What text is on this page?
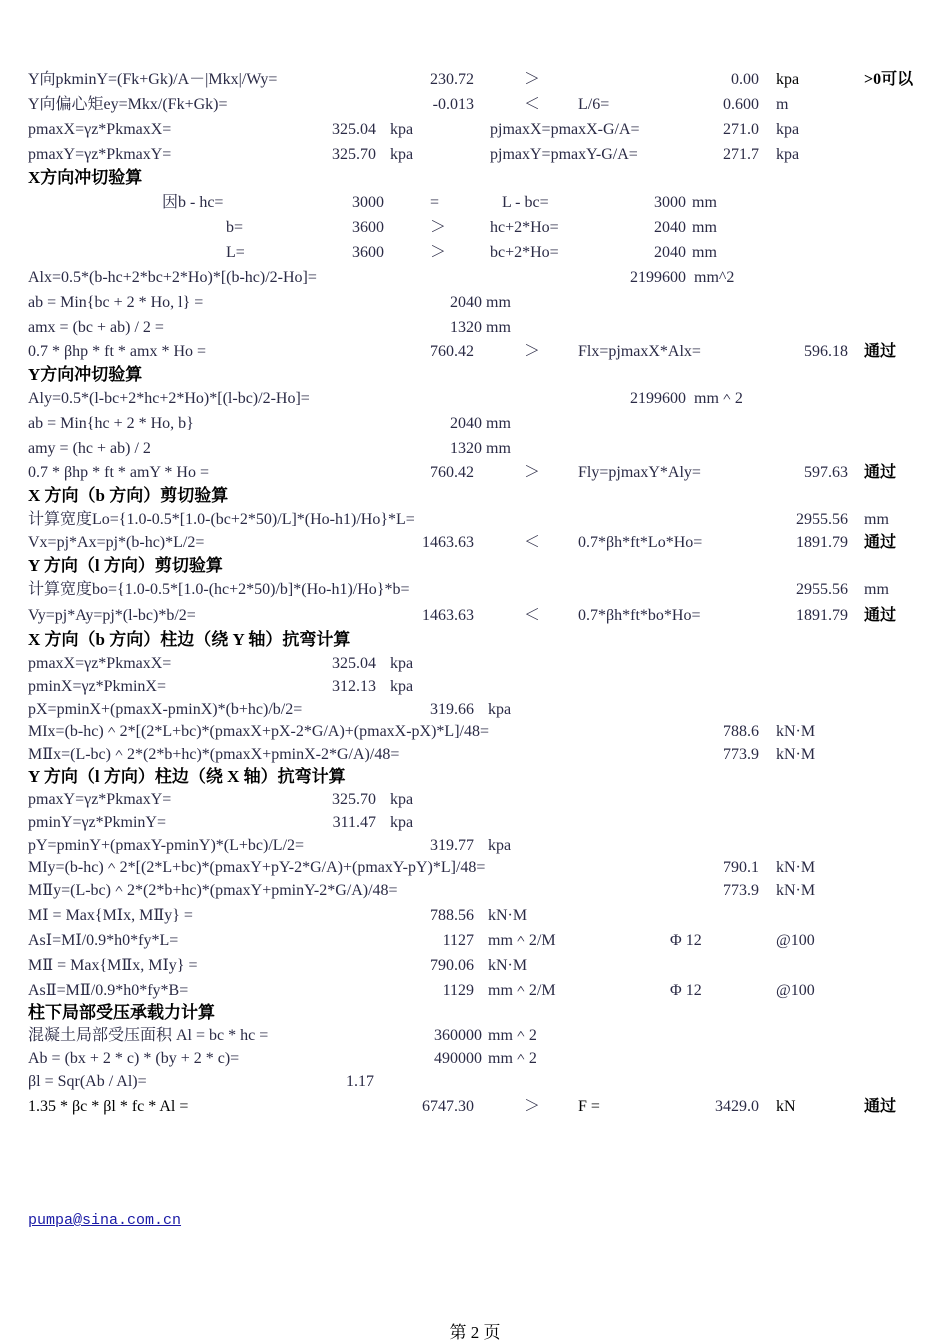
Y向pkminY=(Fk+Gk)/A－|Mkx|/Wy=	230.72	＞	0.00 kpa	>0可以
Y向偏心矩ey=Mkx/(Fk+Gk)=	-0.013	＜ L/6=	0.600 m
pmaxX=γz*PkmaxX=	325.04 kpa	pjmaxX=pmaxX-G/A=	271.0 kpa
pmaxY=γz*PkmaxY=	325.70 kpa	pjmaxY=pmaxY-G/A=	271.7 kpa
X方向冲切验算
因b - hc=	3000	=	L - bc=	3000 mm
b=	3600	＞	hc+2*Ho=	2040 mm
L=	3600	＞	bc+2*Ho=	2040 mm
Alx=0.5*(b-hc+2*bc+2*Ho)*[(b-hc)/2-Ho]=	2199600 mm^2
ab = Min{bc + 2 * Ho, l} =	2040 mm
amx = (bc + ab) / 2 =	1320 mm
0.7 * βhp * ft * amx * Ho =	760.42	＞ Flx=pjmaxX*Alx=	596.18 通过
Y方向冲切验算
Aly=0.5*(l-bc+2*hc+2*Ho)*[(l-bc)/2-Ho]=	2199600 mm＾2
ab = Min{hc + 2 * Ho, b}	2040 mm
amy = (hc + ab) / 2	1320 mm
0.7 * βhp * ft * amY * Ho =	760.42	＞ Fly=pjmaxY*Aly=	597.63 通过
X 方向（b 方向）剪切验算
计算宽度Lo={1.0-0.5*[1.0-(bc+2*50)/L]*(Ho-h1)/Ho}*L=	2955.56 mm
Vx=pj*Ax=pj*(b-hc)*L/2=	1463.63	＜ 0.7*βh*ft*Lo*Ho=	1891.79 通过
Y 方向（l 方向）剪切验算
计算宽度bo={1.0-0.5*[1.0-(hc+2*50)/b]*(Ho-h1)/Ho}*b=	2955.56 mm
Vy=pj*Ay=pj*(l-bc)*b/2=	1463.63	＜ 0.7*βh*ft*bo*Ho=	1891.79 通过
X 方向（b 方向）柱边（绕 Y 轴）抗弯计算
pmaxX=γz*PkmaxX=	325.04 kpa
pminX=γz*PkminX=	312.13 kpa
pX=pminX+(pmaxX-pminX)*(b+hc)/b/2=	319.66 kpa
MIx=(b-hc)＾2*[(2*L+bc)*(pmaxX+pX-2*G/A)+(pmaxX-pX)*L]/48=	788.6 kN·M
MⅡx=(L-bc)＾2*(2*b+hc)*(pmaxX+pminX-2*G/A)/48=	773.9 kN·M
Y 方向（l 方向）柱边（绕 X 轴）抗弯计算
pmaxY=γz*PkmaxY=	325.70 kpa
pminY=γz*PkminY=	311.47 kpa
pY=pminY+(pmaxY-pminY)*(L+bc)/L/2=	319.77 kpa
MIy=(b-hc)＾2*[(2*L+bc)*(pmaxY+pY-2*G/A)+(pmaxY-pY)*L]/48=	790.1 kN·M
MⅡy=(L-bc)＾2*(2*b+hc)*(pmaxY+pminY-2*G/A)/48=	773.9 kN·M
MⅠ = Max{MⅠx, MⅡy} =	788.56 kN·M
AsⅠ=MⅠ/0.9*h0*fy*L=	1127 mm＾2/M	Φ 12	@100
MⅡ = Max{MⅡx, MⅠy} =	790.06 kN·M
AsⅡ=MⅡ/0.9*h0*fy*B=	1129 mm＾2/M	Φ 12	@100
柱下局部受压承载力计算
混凝土局部受压面积 Al = bc * hc =	360000 mm＾2
Ab = (bx + 2 * c) * (by + 2 * c)=	490000 mm＾2
βl = Sqr(Ab / Al)=	1.17
1.35 * βc * βl * fc * Al =	6747.30	＞ F =	3429.0 kN	通过
pumpa@sina.com.cn
第 2 页
